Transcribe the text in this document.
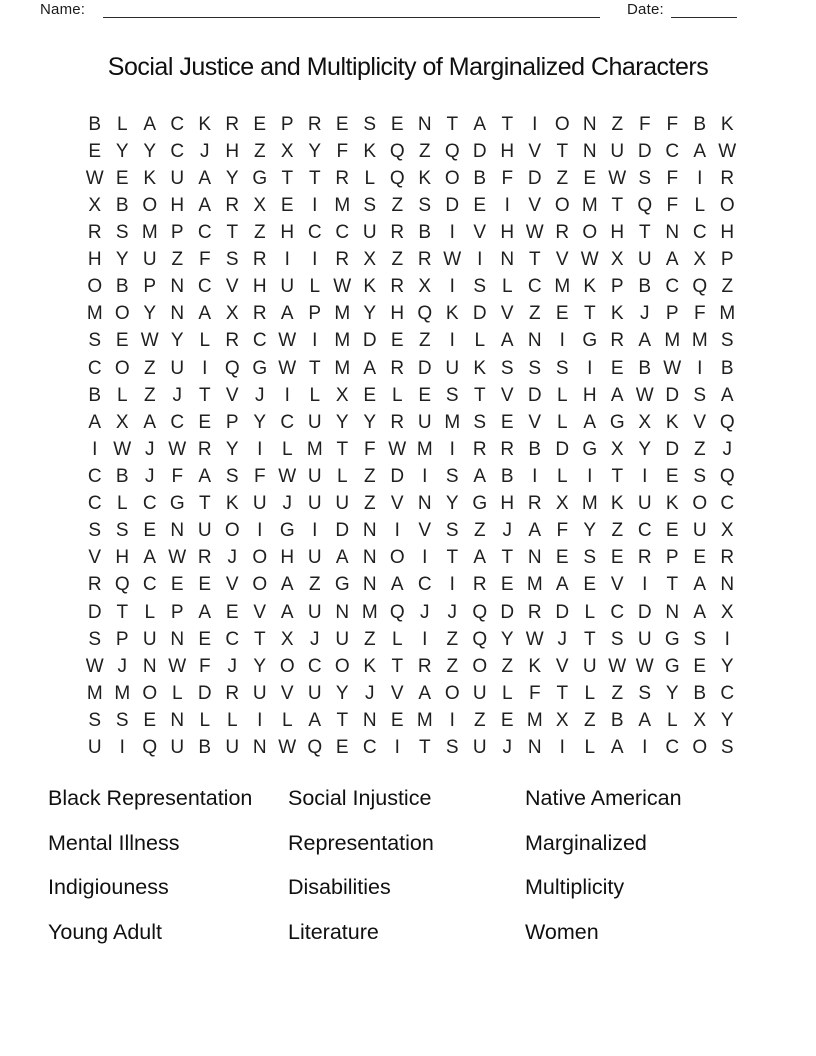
Name:	Date:
Social Justice and Multiplicity of Marginalized Characters
B L A C K R E P R E S E N T A T	I O N Z F F B K
E Y Y C J H Z X Y F K Q Z Q D H V T N U D C A W
W E K U A Y G T T R L Q K O B F D Z E W S F	I R
X B O H A R X E I M S Z S D E I V O M T Q F L O
R S M P C T Z H C C U R B I V H W R O H T N C H
H Y U Z F S R I	I R X Z R W I N T V W X U A X P
O B P N C V H U L W K R X I S L C M K P B C Q Z
M O Y N A X R A P M Y H Q K D V Z E T K J P F M
S E W Y L R C W I M D E Z	I	L A N I G R A M M S
C O Z U I Q G W T M A R D U K S S S I E B W I B
B L Z J T V J	I	L X E L E S T V D L H A W D S A
A X A C E P Y C U Y Y R U M S E V L A G X K V Q
I W J W R Y I	L M T F W M I R R B D G X Y D Z J
C B J F A S F W U L Z D I S A B I	L	I	T	I E S Q
C L C G T K U J U U Z V N Y G H R X M K U K O C
S S E N U O I G I D N I V S Z J A F Y Z C E U X
V H A W R J O H U A N O I	T A T N E S E R P E R
R Q C E E V O A Z G N A C I R E M A E V I	T A N
D T L P A E V A U N M Q J J Q D R D L C D N A X
S P U N E C T X J U Z L	I	Z Q Y W J T S U G S I
W J N W F J Y O C O K T R Z O Z K V U W W G E Y
M M O L D R U V U Y J V A O U L F T L Z S Y B C
S S E N L L	I	L A T N E M I	Z E M X Z B A L X Y
U I Q U B U N W Q E C I	T S U J N I	L A I C O S
Black Representation
Mental Illness
Indigiouness
Young Adult
Social Injustice
Representation
Disabilities
Literature
Native American
Marginalized
Multiplicity
Women
